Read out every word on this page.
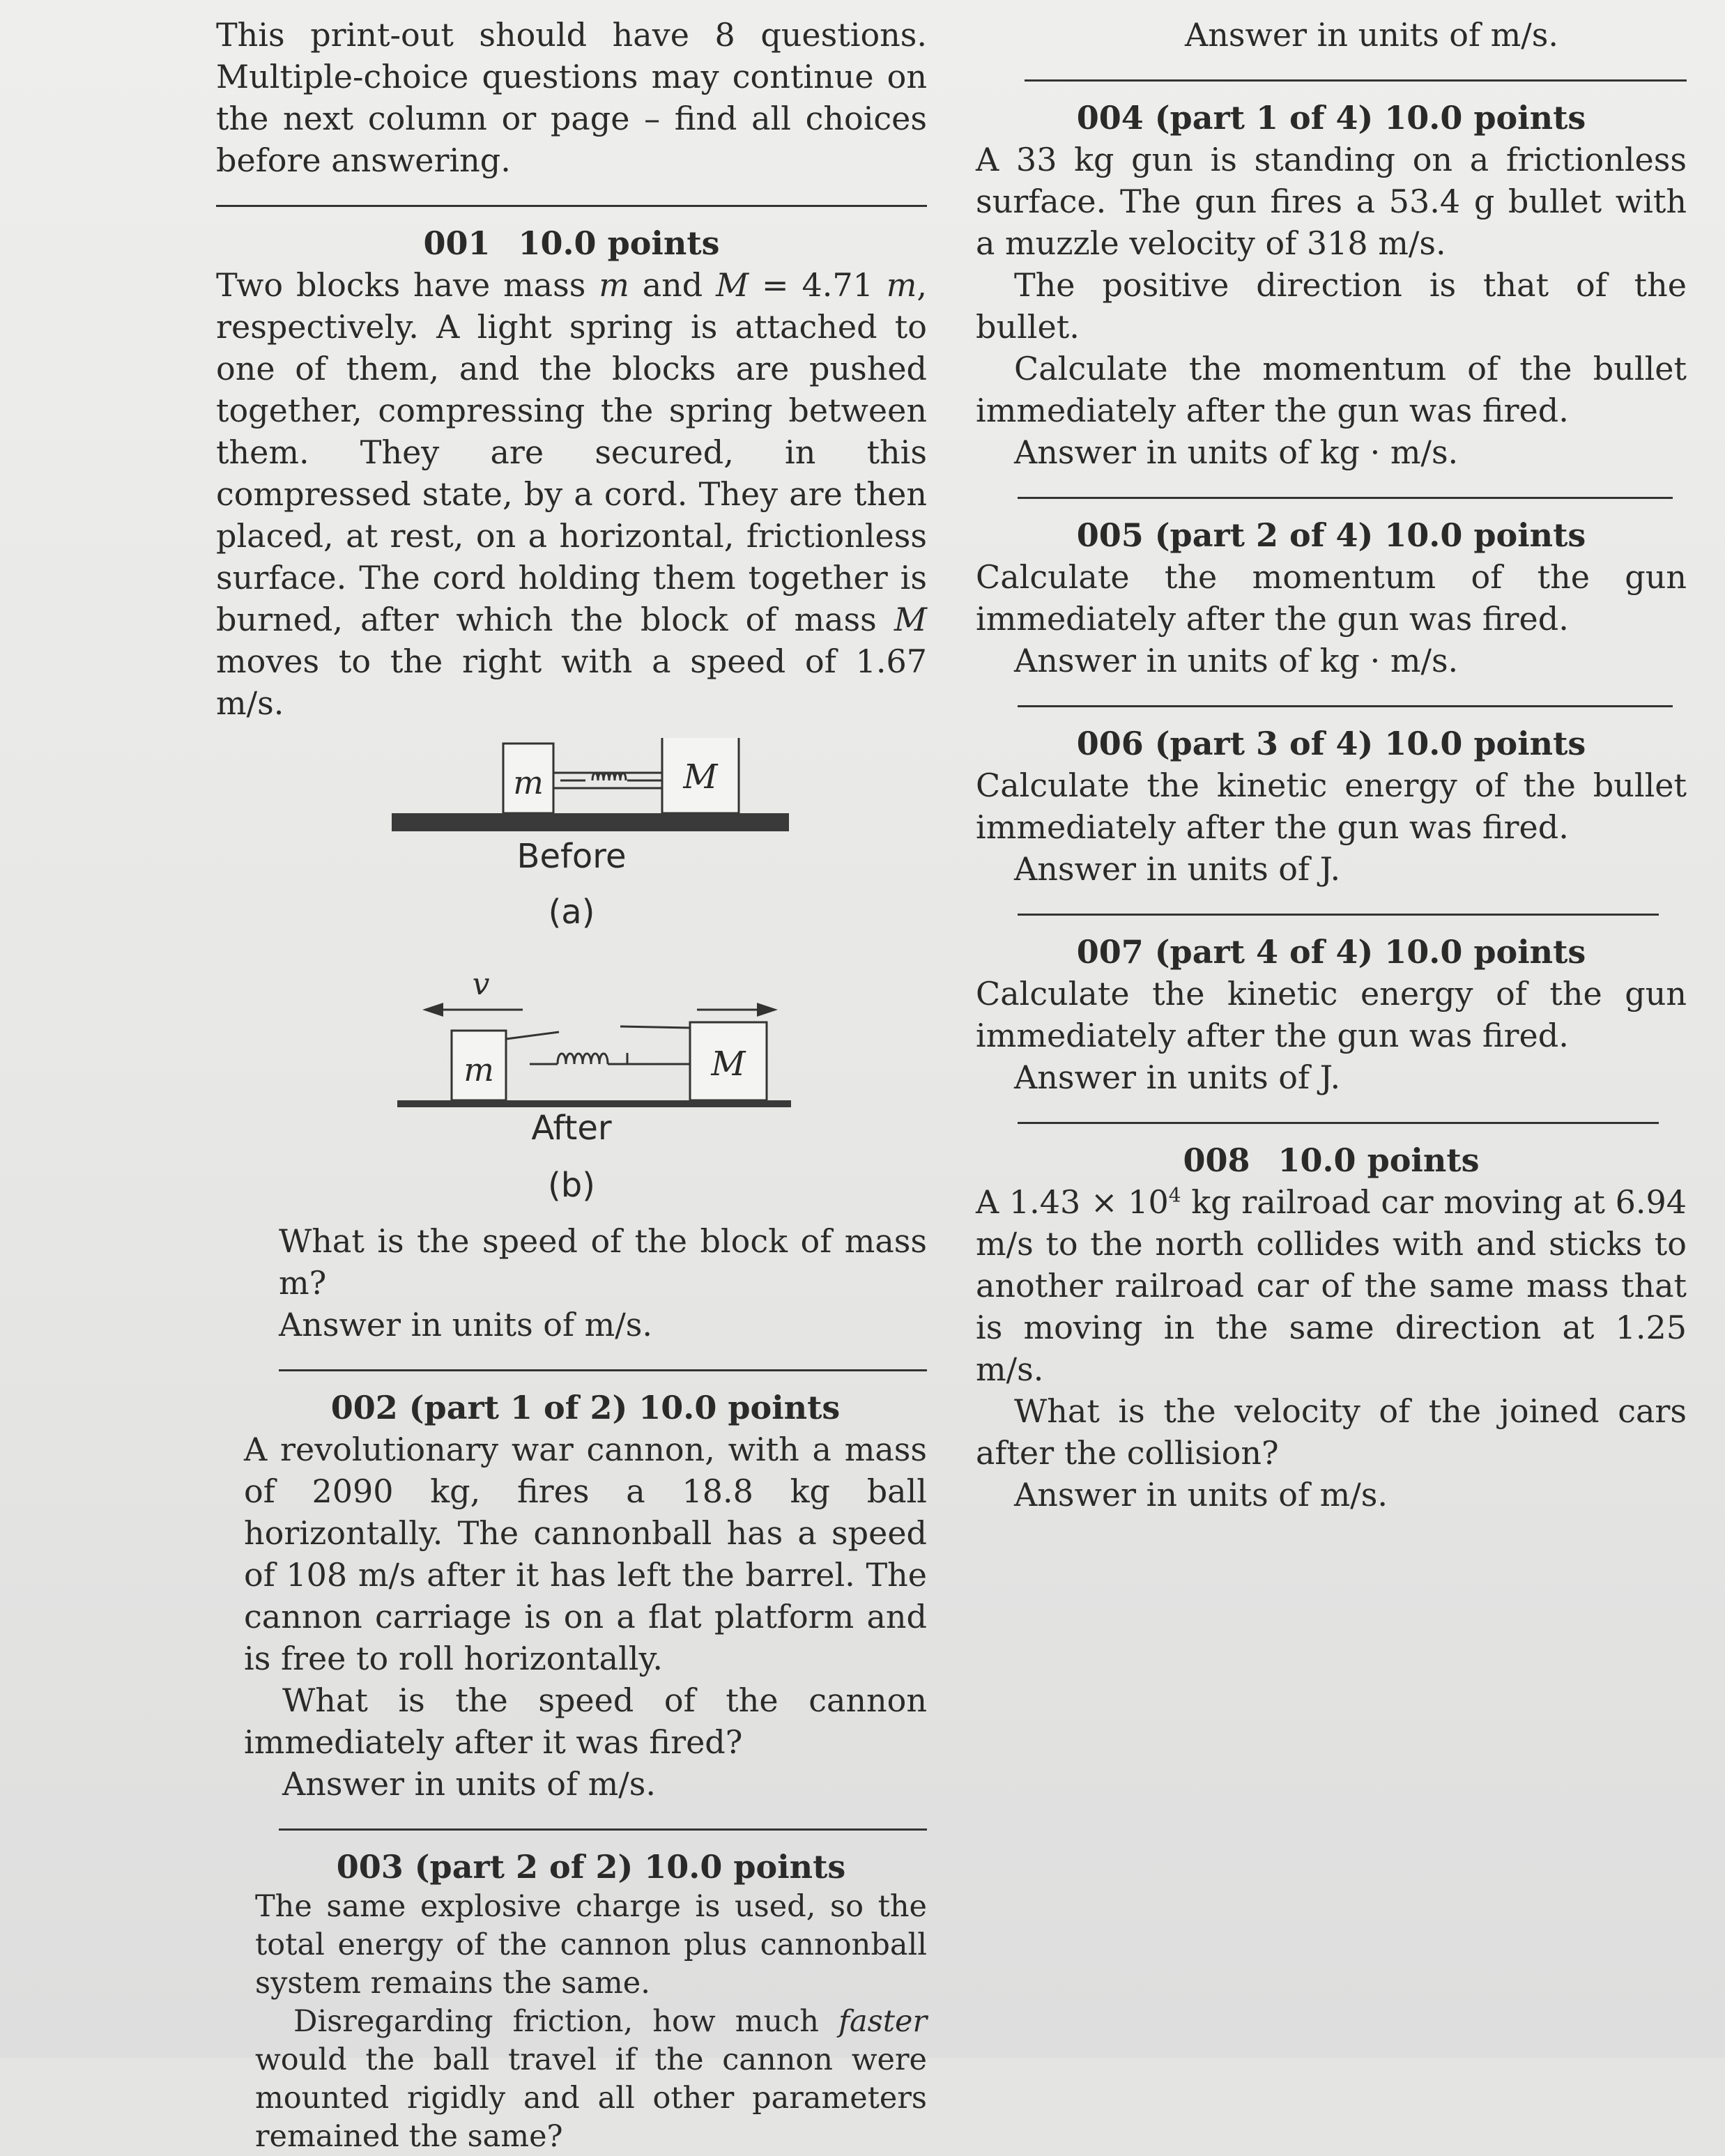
This print-out should have 8 questions. Multiple-choice questions may continue on the next column or page – find all choices before answering.

001 10.0 points

Two blocks have mass m and M = 4.71 m, respectively. A light spring is attached to one of them, and the blocks are pushed together, compressing the spring between them. They are secured, in this compressed state, by a cord. They are then placed, at rest, on a horizontal, frictionless surface. The cord holding them together is burned, after which the block of mass M moves to the right with a speed of 1.67 m/s.

m	M

Before

(a)

v
m	M

After

(b)

What is the speed of the block of mass m?

Answer in units of m/s.

002 (part 1 of 2) 10.0 points

A revolutionary war cannon, with a mass of 2090 kg, fires a 18.8 kg ball horizontally. The cannonball has a speed of 108 m/s after it has left the barrel. The cannon carriage is on a flat platform and is free to roll horizontally.

What is the speed of the cannon immediately after it was fired?

Answer in units of m/s.

003 (part 2 of 2) 10.0 points

The same explosive charge is used, so the total energy of the cannon plus cannonball system remains the same.

Disregarding friction, how much faster would the ball travel if the cannon were mounted rigidly and all other parameters remained the same?

Answer in units of m/s.

004 (part 1 of 4) 10.0 points

A 33 kg gun is standing on a frictionless surface. The gun fires a 53.4 g bullet with a muzzle velocity of 318 m/s.

The positive direction is that of the bullet.

Calculate the momentum of the bullet immediately after the gun was fired.

Answer in units of kg · m/s.

005 (part 2 of 4) 10.0 points

Calculate the momentum of the gun immediately after the gun was fired.

Answer in units of kg · m/s.

006 (part 3 of 4) 10.0 points

Calculate the kinetic energy of the bullet immediately after the gun was fired.

Answer in units of J.

007 (part 4 of 4) 10.0 points

Calculate the kinetic energy of the gun immediately after the gun was fired.

Answer in units of J.

008 10.0 points

A $1.43 \times 10^4$ kg railroad car moving at 6.94 m/s to the north collides with and sticks to another railroad car of the same mass that is moving in the same direction at 1.25 m/s.

What is the velocity of the joined cars after the collision?

Answer in units of m/s.
